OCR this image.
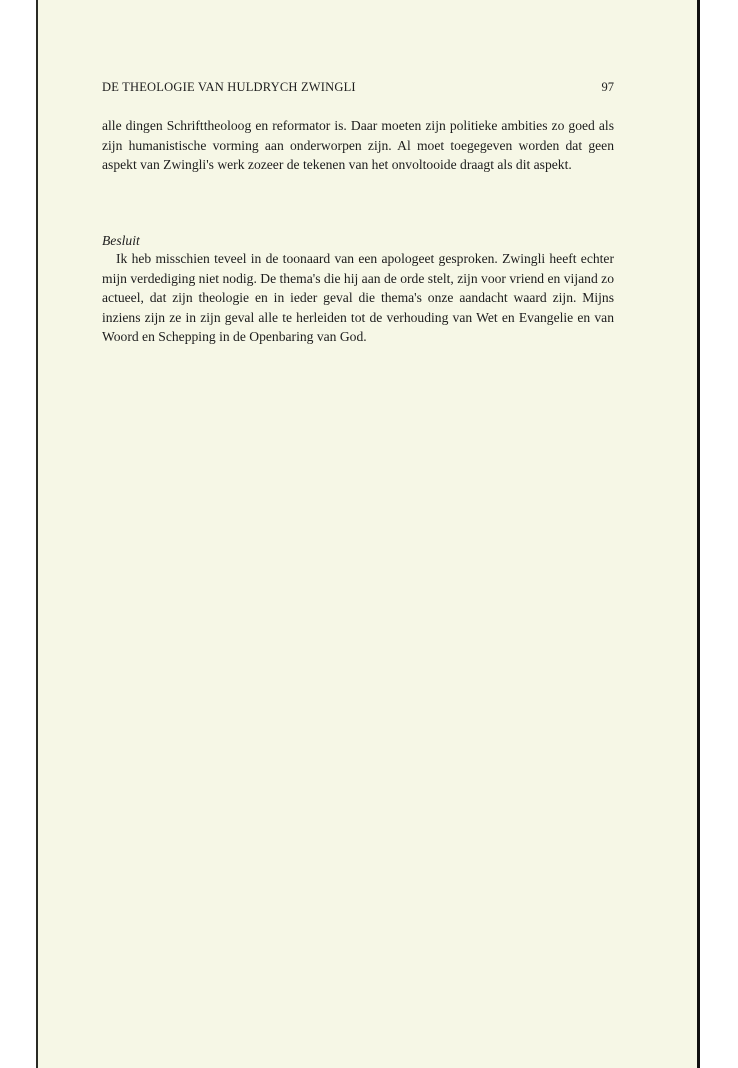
DE THEOLOGIE VAN HULDRYCH ZWINGLI	97

alle dingen Schrifttheoloog en reformator is. Daar moeten zijn politieke ambities zo goed als zijn humanistische vorming aan onderworpen zijn. Al moet toegegeven worden dat geen aspekt van Zwingli's werk zozeer de tekenen van het onvoltooide draagt als dit aspekt.

Besluit

Ik heb misschien teveel in de toonaard van een apologeet gesproken. Zwingli heeft echter mijn verdediging niet nodig. De thema's die hij aan de orde stelt, zijn voor vriend en vijand zo actueel, dat zijn theologie en in ieder geval die thema's onze aandacht waard zijn. Mijns inziens zijn ze in zijn geval alle te herleiden tot de verhouding van Wet en Evangelie en van Woord en Schepping in de Openbaring van God.
